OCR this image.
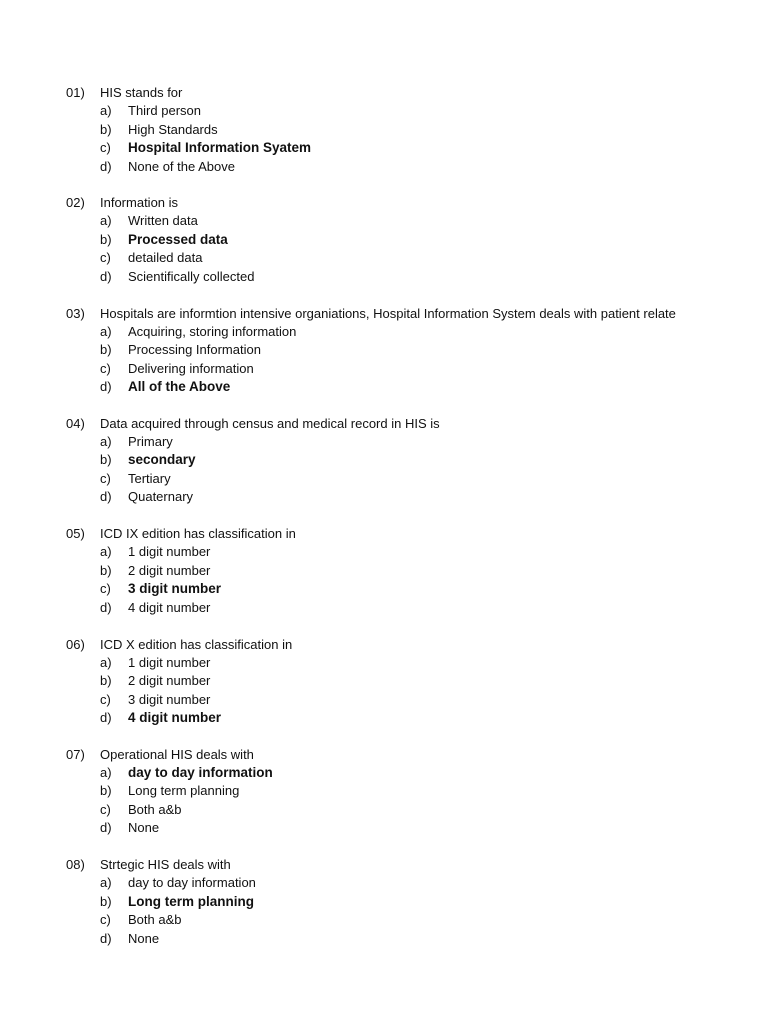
01) HIS stands for
a) Third person
b) High Standards
c) Hospital Information Syatem
d) None of the Above
02) Information is
a) Written data
b) Processed data
c) detailed data
d) Scientifically collected
03) Hospitals are informtion intensive organiations, Hospital Information System deals with patient relate
a) Acquiring, storing information
b) Processing Information
c) Delivering information
d) All of the Above
04) Data acquired through census and medical record in HIS is
a) Primary
b) secondary
c) Tertiary
d) Quaternary
05) ICD IX edition has classification in
a) 1 digit number
b) 2 digit number
c) 3 digit number
d) 4 digit number
06) ICD X edition has classification in
a) 1 digit number
b) 2 digit number
c) 3 digit number
d) 4 digit number
07) Operational HIS deals with
a) day to day information
b) Long term planning
c) Both a&b
d) None
08) Strtegic HIS deals with
a) day to day information
b) Long term planning
c) Both a&b
d) None
